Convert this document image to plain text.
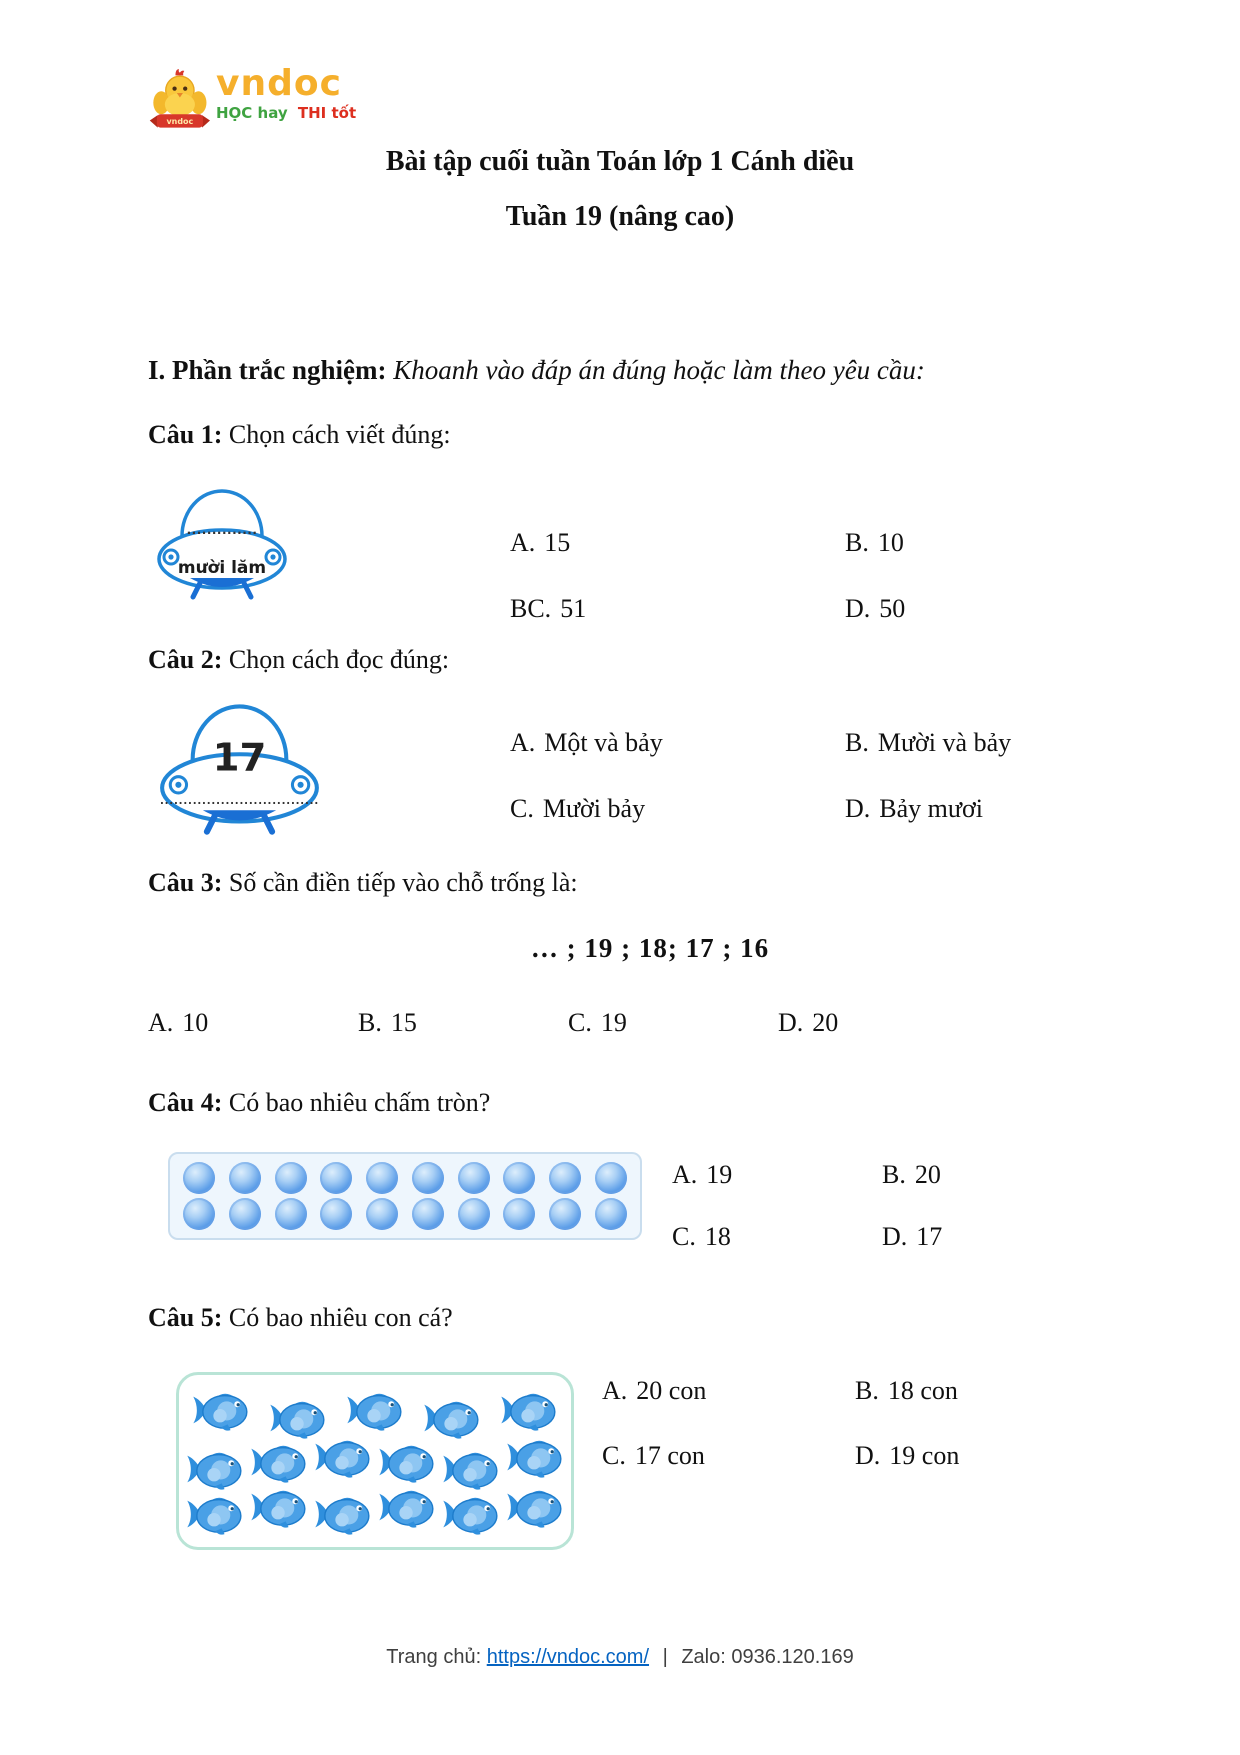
vndoc
vndoc
HỌC hay THI tốt
Bài tập cuối tuần Toán lớp 1 Cánh diều
Tuần 19 (nâng cao)
I. Phần trắc nghiệm: Khoanh vào đáp án đúng hoặc làm theo yêu cầu:
Câu 1: Chọn cách viết đúng:
..............
mười lăm
A. 15	B. 10
BC. 51	D. 50
Câu 2: Chọn cách đọc đúng:
17
..................................
A. Một và bảy	B. Mười và bảy
C. Mười bảy	D. Bảy mươi
Câu 3: Số cần điền tiếp vào chỗ trống là:
… ; 19 ; 18; 17 ; 16
A. 10	B. 15	C. 19	D. 20
Câu 4: Có bao nhiêu chấm tròn?
A. 19	B. 20
C. 18	D. 17
Câu 5: Có bao nhiêu con cá?
A. 20 con	B. 18 con
C. 17 con	D. 19 con
Trang chủ: https://vndoc.com/ | Zalo: 0936.120.169
